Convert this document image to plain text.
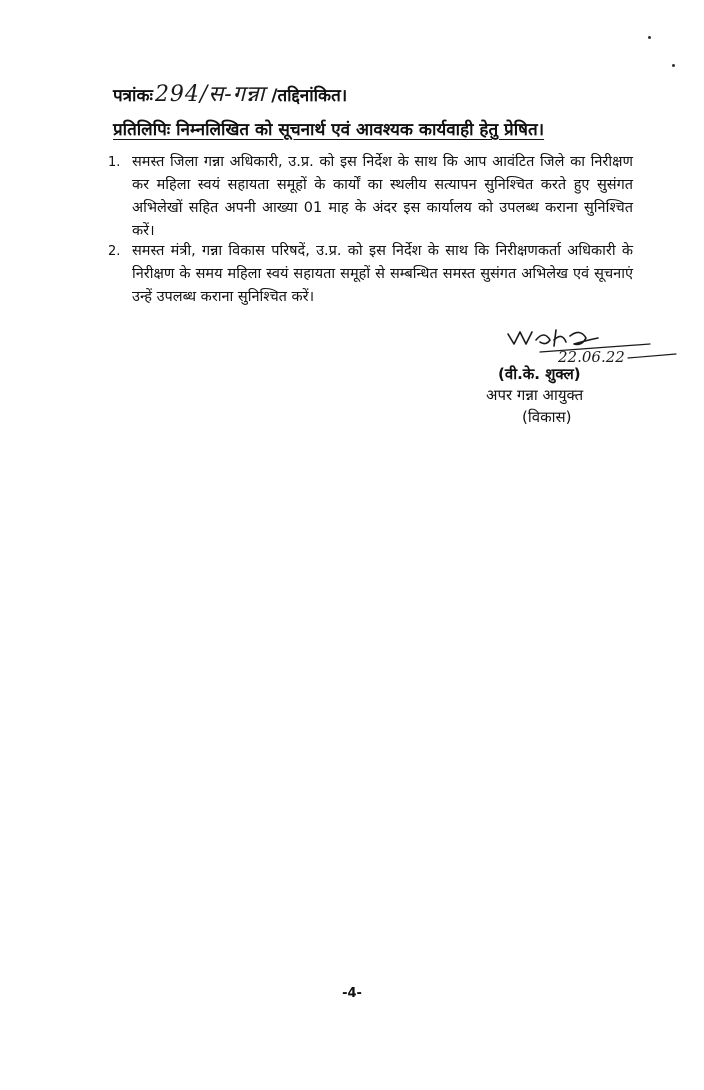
पत्रांकः 294/स-गन्ना /तद्दिनांकित।
प्रतिलिपिः निम्नलिखित को सूचनार्थ एवं आवश्यक कार्यवाही हेतु प्रेषित।
1. समस्त जिला गन्ना अधिकारी, उ.प्र. को इस निर्देश के साथ कि आप आवंटित जिले का निरीक्षण कर महिला स्वयं सहायता समूहों के कार्यों का स्थलीय सत्यापन सुनिश्चित करते हुए सुसंगत अभिलेखों सहित अपनी आख्या 01 माह के अंदर इस कार्यालय को उपलब्ध कराना सुनिश्चित करें।
2. समस्त मंत्री, गन्ना विकास परिषदें, उ.प्र. को इस निर्देश के साथ कि निरीक्षणकर्ता अधिकारी के निरीक्षण के समय महिला स्वयं सहायता समूहों से सम्बन्धित समस्त सुसंगत अभिलेख एवं सूचनाएं उन्हें उपलब्ध कराना सुनिश्चित करें।
22.06.22
(वी.के. शुक्ल)
अपर गन्ना आयुक्त
(विकास)
-4-
